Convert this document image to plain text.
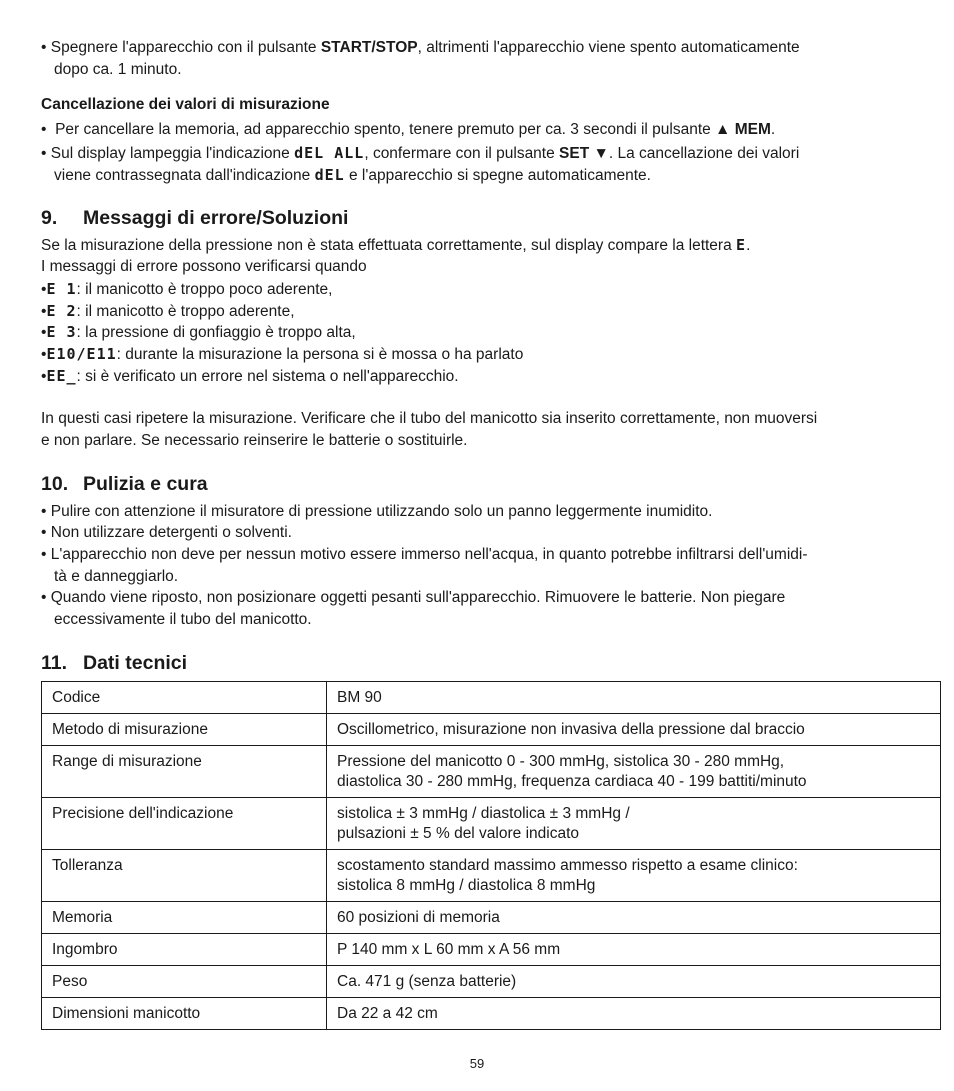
• Spegnere l'apparecchio con il pulsante START/STOP, altrimenti l'apparecchio viene spento automaticamente
dopo ca. 1 minuto.
Cancellazione dei valori di misurazione
• Per cancellare la memoria, ad apparecchio spento, tenere premuto per ca. 3 secondi il pulsante ▲ MEM.
• Sul display lampeggia l'indicazione dEL ALL, confermare con il pulsante SET ▼. La cancellazione dei valori
viene contrassegnata dall'indicazione dEL e l'apparecchio si spegne automaticamente.
9. Messaggi di errore/Soluzioni
Se la misurazione della pressione non è stata effettuata correttamente, sul display compare la lettera E.
I messaggi di errore possono verificarsi quando
•E 1: il manicotto è troppo poco aderente,
•E 2: il manicotto è troppo aderente,
•E 3: la pressione di gonfiaggio è troppo alta,
•E10/E11: durante la misurazione la persona si è mossa o ha parlato
•EE_: si è verificato un errore nel sistema o nell'apparecchio.
In questi casi ripetere la misurazione. Verificare che il tubo del manicotto sia inserito correttamente, non muoversi
e non parlare. Se necessario reinserire le batterie o sostituirle.
10. Pulizia e cura
• Pulire con attenzione il misuratore di pressione utilizzando solo un panno leggermente inumidito.
• Non utilizzare detergenti o solventi.
• L'apparecchio non deve per nessun motivo essere immerso nell'acqua, in quanto potrebbe infiltrarsi dell'umidi-
tà e danneggiarlo.
• Quando viene riposto, non posizionare oggetti pesanti sull'apparecchio. Rimuovere le batterie. Non piegare
eccessivamente il tubo del manicotto.
11. Dati tecnici
Codice	BM 90

Metodo di misurazione	Oscillometrico, misurazione non invasiva della pressione dal braccio

Range di misurazione	Pressione del manicotto 0 - 300 mmHg, sistolica 30 - 280 mmHg,
diastolica 30 - 280 mmHg, frequenza cardiaca 40 - 199 battiti/minuto

Precisione dell'indicazione	sistolica ± 3 mmHg / diastolica ± 3 mmHg /
pulsazioni ± 5 % del valore indicato

Tolleranza	scostamento standard massimo ammesso rispetto a esame clinico:
sistolica 8 mmHg / diastolica 8 mmHg

Memoria	60 posizioni di memoria

Ingombro	P 140 mm x L 60 mm x A 56 mm

Peso	Ca. 471 g (senza batterie)

Dimensioni manicotto	Da 22 a 42 cm
59
